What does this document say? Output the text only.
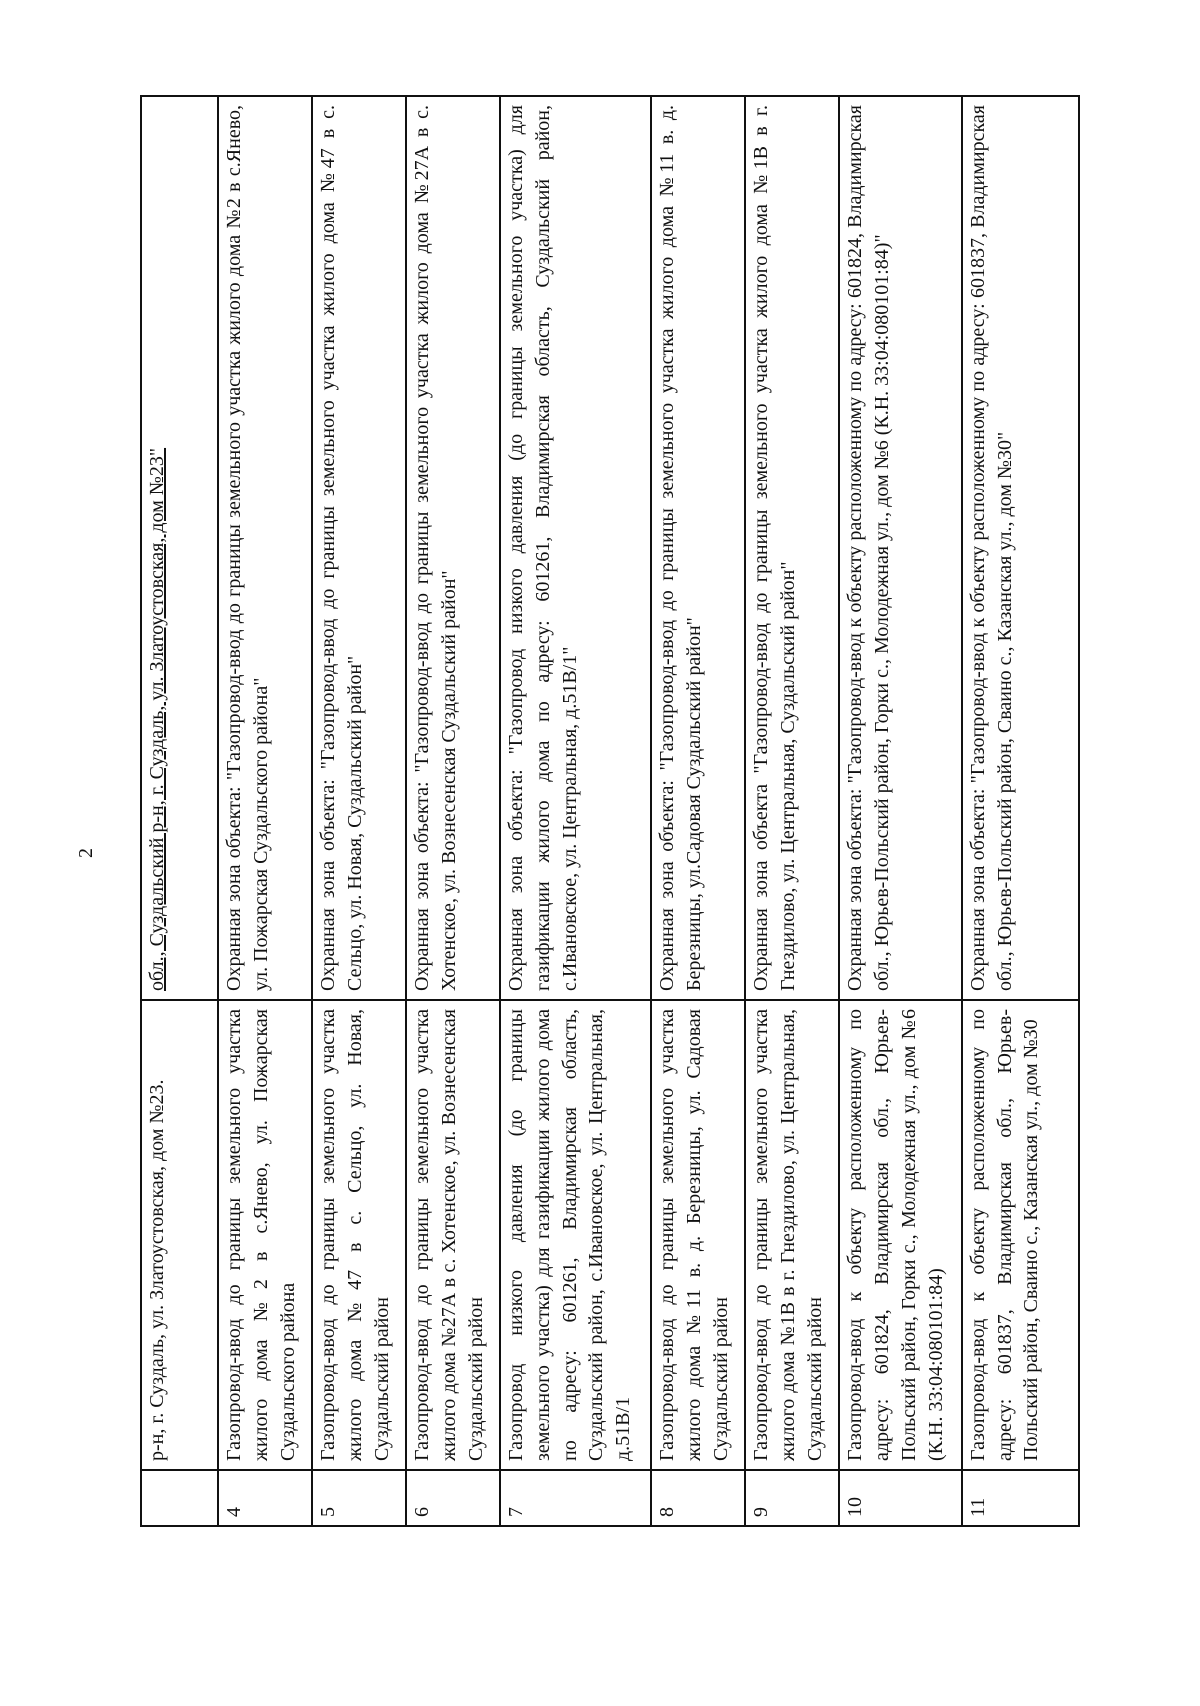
2
	р-н, г. Суздаль, ул. Златоустовская, дом №23.	обл., Суздальский р-н, г. Суздаль, ул. Златоустовская, дом №23"
4	Газопровод-ввод до границы земельного участка жилого дома №2 в с.Янево, ул. Пожарская Суздальского района	Охранная зона объекта: "Газопровод-ввод до границы земельного участка жилого дома №2 в с.Янево, ул. Пожарская Суздальского района"
5	Газопровод-ввод до границы земельного участка жилого дома №47 в с. Сельцо, ул. Новая, Суздальский район	Охранная зона объекта: "Газопровод-ввод до границы земельного участка жилого дома №47 в с. Сельцо, ул. Новая, Суздальский район"
6	Газопровод-ввод до границы земельного участка жилого дома №27А в с. Хотенское, ул. Вознесенская Суздальский район	Охранная зона объекта: "Газопровод-ввод до границы земельного участка жилого дома №27А в с. Хотенское, ул. Вознесенская Суздальский район"
7	Газопровод низкого давления (до границы земельного участка) для газификации жилого дома по адресу: 601261, Владимирская область, Суздальский район, с.Ивановское, ул. Центральная, д.51В/1	Охранная зона объекта: "Газопровод низкого давления (до границы земельного участка) для газификации жилого дома по адресу: 601261, Владимирская область, Суздальский район, с.Ивановское, ул. Центральная, д.51В/1"
8	Газопровод-ввод до границы земельного участка жилого дома №11 в. д. Березницы, ул. Садовая Суздальский район	Охранная зона объекта: "Газопровод-ввод до границы земельного участка жилого дома №11 в. д. Березницы, ул.Садовая Суздальский район"
9	Газопровод-ввод до границы земельного участка жилого дома №1В в г. Гнездилово, ул. Центральная, Суздальский район	Охранная зона объекта "Газопровод-ввод до границы земельного участка жилого дома №1В в г. Гнездилово, ул. Центральная, Суздальский район"
10	Газопровод-ввод к объекту расположенному по адресу: 601824, Владимирская обл., Юрьев-Польский район, Горки с., Молодежная ул., дом №6 (К.Н. 33:04:080101:84)	Охранная зона объекта: "Газопровод-ввод к объекту расположенному по адресу: 601824, Владимирская обл., Юрьев-Польский район, Горки с., Молодежная ул., дом №6 (К.Н. 33:04:080101:84)"
11	Газопровод-ввод к объекту расположенному по адресу: 601837, Владимирская обл., Юрьев-Польский район, Сваино с., Казанская ул., дом №30	Охранная зона объекта: "Газопровод-ввод к объекту расположенному по адресу: 601837, Владимирская обл., Юрьев-Польский район, Сваино с., Казанская ул., дом №30"
